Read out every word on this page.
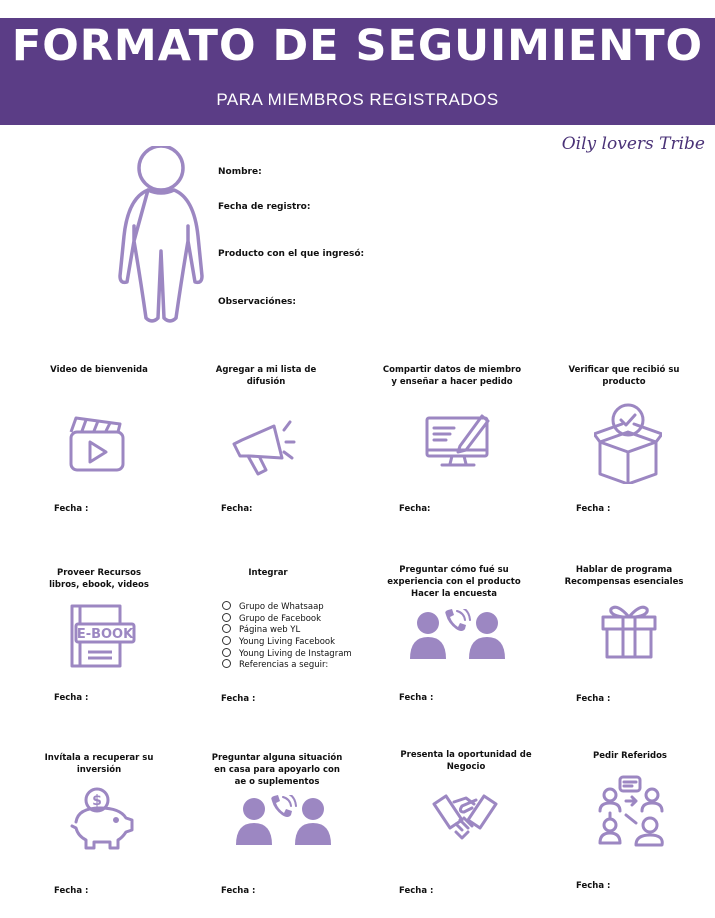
FORMATO DE SEGUIMIENTO
PARA MIEMBROS REGISTRADOS
Oily lovers Tribe
Nombre:
Fecha de registro:
Producto con el que ingresó:
Observaciónes:
Video de bienvenida	Agregar a mi lista de
difusión
Compartir datos de miembro
y enseñar a hacer pedido
Verificar que recibió su
producto
Fecha :	Fecha:	Fecha:	Fecha :
Proveer Recursos
libros, ebook, videos
Integrar	Preguntar cómo fué su
experiencia con el producto
Hacer la encuesta
Hablar de programa
Recompensas esenciales
E-BOOK
Grupo de Whatsaap
Grupo de Facebook
Página web YL
Young Living Facebook
Young Living de Instagram
Referencias a seguir:
Fecha :	Fecha :	Fecha :	Fecha :
Invítala a recuperar su
inversión
Preguntar alguna situación
en casa para apoyarlo con
ae o suplementos
Presenta la oportunidad de
Negocio
Pedir Referidos
$
Fecha :	Fecha :	Fecha :	Fecha :
